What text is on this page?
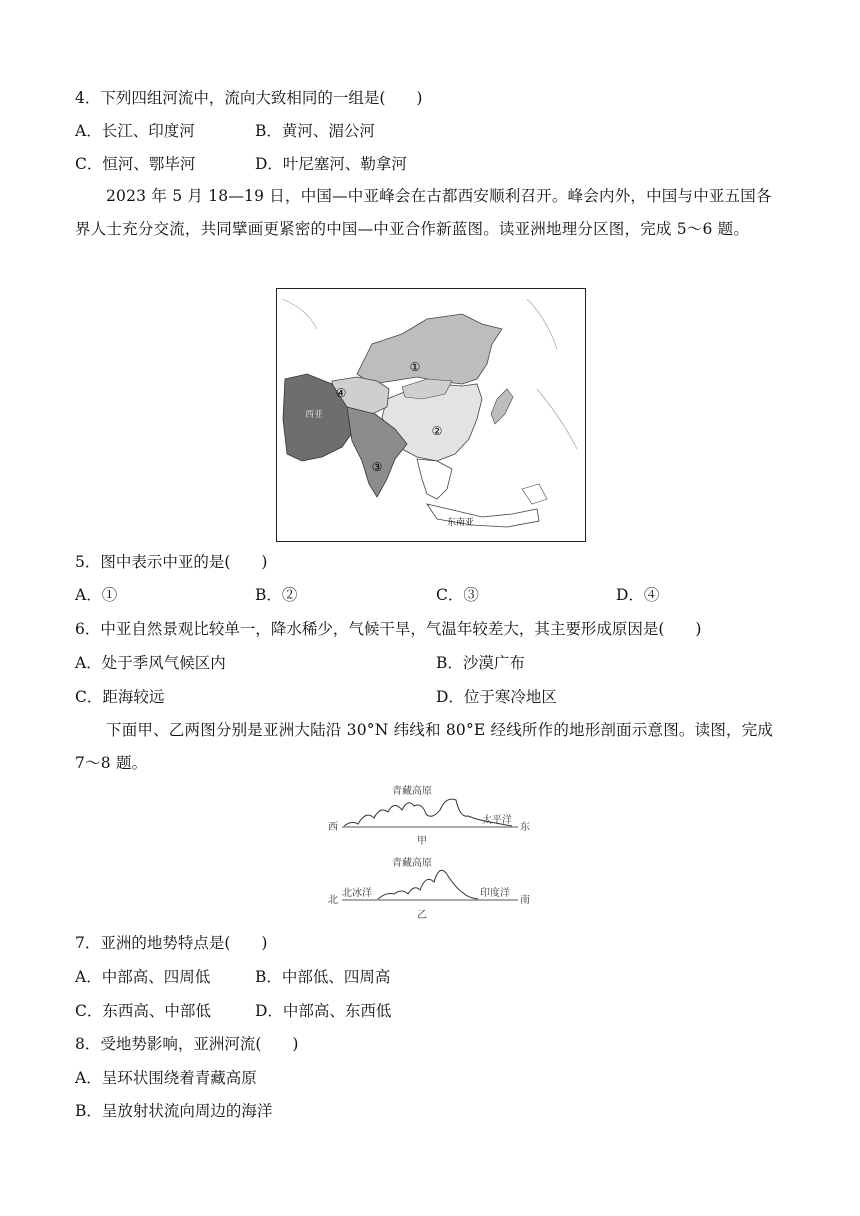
4．下列四组河流中，流向大致相同的一组是(　　)
A．长江、印度河	B．黄河、湄公河
C．恒河、鄂毕河	D．叶尼塞河、勒拿河
2023 年 5 月 18—19 日，中国—中亚峰会在古都西安顺利召开。峰会内外，中国与中亚五国各界人士充分交流，共同擘画更紧密的中国—中亚合作新蓝图。读亚洲地理分区图，完成 5～6 题。
①
②
③
④
西亚
东南亚
5．图中表示中亚的是(　　)
A．①	B．②	C．③	D．④
6．中亚自然景观比较单一，降水稀少，气候干旱，气温年较差大，其主要形成原因是(　　)
A．处于季风气候区内	B．沙漠广布
C．距海较远	D．位于寒冷地区
下面甲、乙两图分别是亚洲大陆沿 30°N 纬线和 80°E 经线所作的地形剖面示意图。读图，完成 7～8 题。
青藏高原
西	东
太平洋
甲
青藏高原
北	南
北冰洋	印度洋
乙
7．亚洲的地势特点是(　　)
A．中部高、四周低	B．中部低、四周高
C．东西高、中部低	D．中部高、东西低
8．受地势影响，亚洲河流(　　)
A．呈环状围绕着青藏高原
B．呈放射状流向周边的海洋
